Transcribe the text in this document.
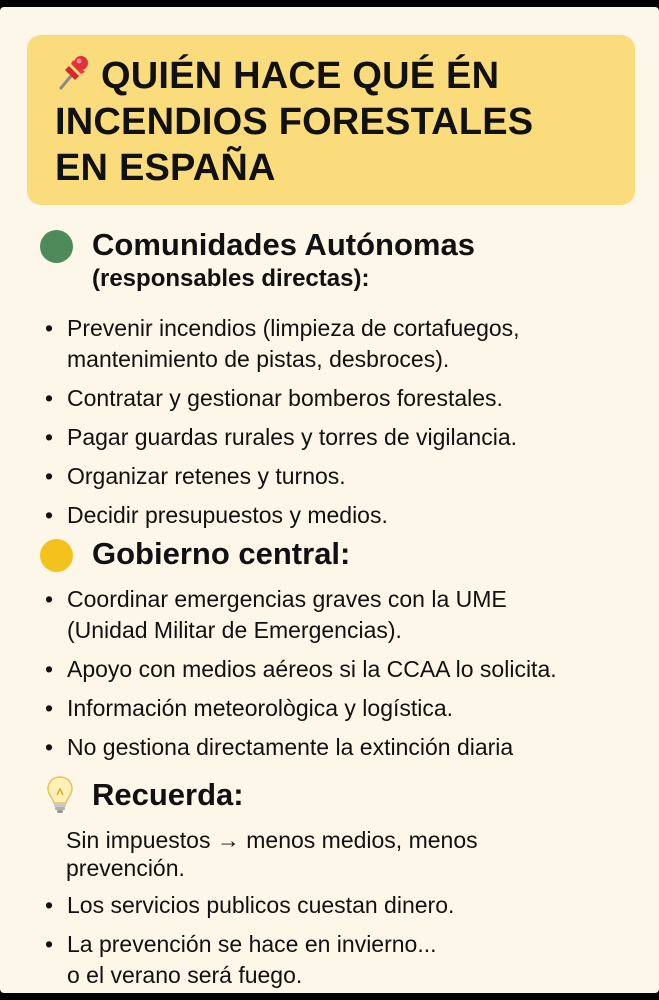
QUIÉN HACE QUÉ ÉN
INCENDIOS FORESTALES
EN ESPAÑA
Comunidades Autónomas
(responsables directas):
• Prevenir incendios (limpieza de cortafuegos,
mantenimiento de pistas, desbroces).
• Contratar y gestionar bomberos forestales.
• Pagar guardas rurales y torres de vigilancia.
• Organizar retenes y turnos.
• Decidir presupuestos y medios.
Gobierno central:
• Coordinar emergencias graves con la UME
(Unidad Militar de Emergencias).
• Apoyo con medios aéreos si la CCAA lo solicita.
• Información meteorològica y logística.
• No gestiona directamente la extinción diaria
Recuerda:
Sin impuestos → menos medios, menos
prevención.
• Los servicios publicos cuestan dinero.
• La prevención se hace en invierno...
o el verano será fuego.
